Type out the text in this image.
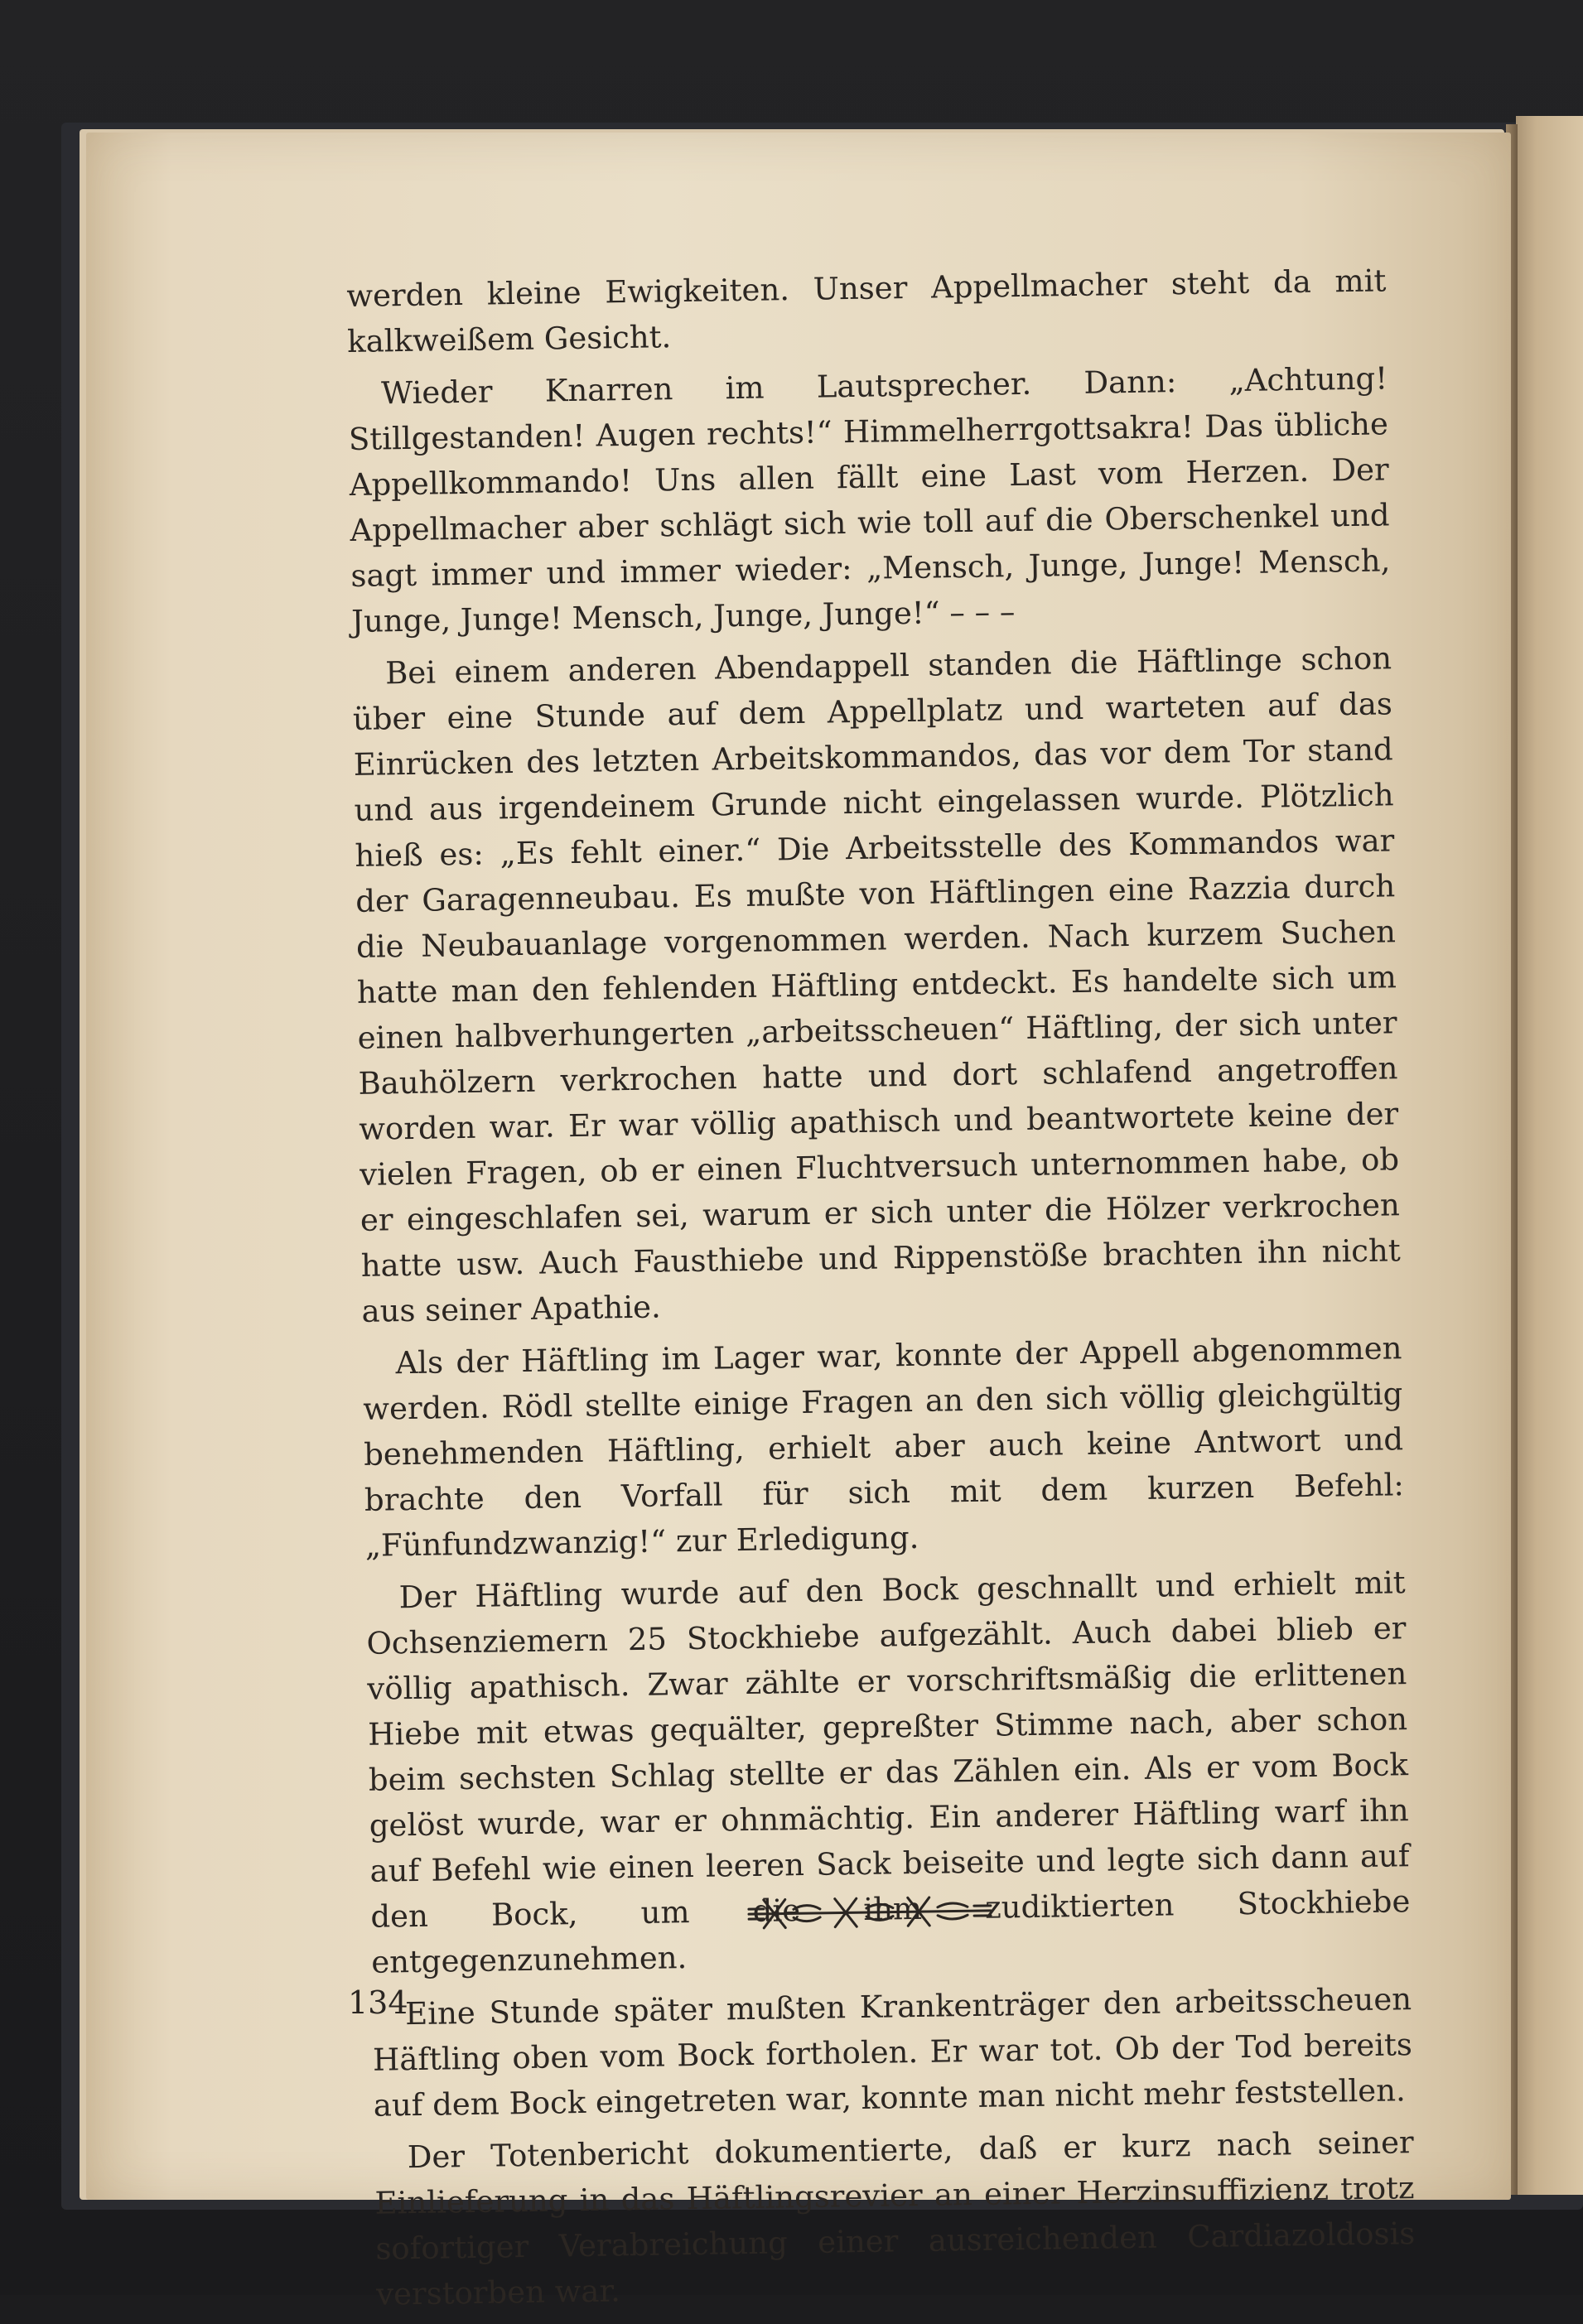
werden kleine Ewigkeiten. Unser Appellmacher steht da mit kalkweißem Gesicht.

Wieder Knarren im Lautsprecher. Dann: „Achtung! Stillgestanden! Augen rechts!“ Himmelherrgottsakra! Das übliche Appellkommando! Uns allen fällt eine Last vom Herzen. Der Appellmacher aber schlägt sich wie toll auf die Oberschenkel und sagt immer und immer wieder: „Mensch, Junge, Junge! Mensch, Junge, Junge! Mensch, Junge, Junge!“ – – –

Bei einem anderen Abendappell standen die Häftlinge schon über eine Stunde auf dem Appellplatz und warteten auf das Einrücken des letzten Arbeitskommandos, das vor dem Tor stand und aus irgendeinem Grunde nicht eingelassen wurde. Plötzlich hieß es: „Es fehlt einer.“ Die Arbeitsstelle des Kommandos war der Garagenneubau. Es mußte von Häftlingen eine Razzia durch die Neubauanlage vorgenommen werden. Nach kurzem Suchen hatte man den fehlenden Häftling entdeckt. Es handelte sich um einen halbverhungerten „arbeitsscheuen“ Häftling, der sich unter Bauhölzern verkrochen hatte und dort schlafend angetroffen worden war. Er war völlig apathisch und beantwortete keine der vielen Fragen, ob er einen Fluchtversuch unternommen habe, ob er eingeschlafen sei, warum er sich unter die Hölzer verkrochen hatte usw. Auch Fausthiebe und Rippenstöße brachten ihn nicht aus seiner Apathie.

Als der Häftling im Lager war, konnte der Appell abgenommen werden. Rödl stellte einige Fragen an den sich völlig gleichgültig benehmenden Häftling, erhielt aber auch keine Antwort und brachte den Vorfall für sich mit dem kurzen Befehl: „Fünfundzwanzig!“ zur Erledigung.

Der Häftling wurde auf den Bock geschnallt und erhielt mit Ochsenziemern 25 Stockhiebe aufgezählt. Auch dabei blieb er völlig apathisch. Zwar zählte er vorschriftsmäßig die erlittenen Hiebe mit etwas gequälter, gepreßter Stimme nach, aber schon beim sechsten Schlag stellte er das Zählen ein. Als er vom Bock gelöst wurde, war er ohnmächtig. Ein anderer Häftling warf ihn auf Befehl wie einen leeren Sack beiseite und legte sich dann auf den Bock, um die ihm zudiktierten Stockhiebe entgegenzunehmen.

Eine Stunde später mußten Krankenträger den arbeitsscheuen Häftling oben vom Bock fortholen. Er war tot. Ob der Tod bereits auf dem Bock eingetreten war, konnte man nicht mehr feststellen.

Der Totenbericht dokumentierte, daß er kurz nach seiner Einlieferung in das Häftlingsrevier an einer Herzinsuffizienz trotz sofortiger Verabreichung einer ausreichenden Cardiazoldosis verstorben war.

134
